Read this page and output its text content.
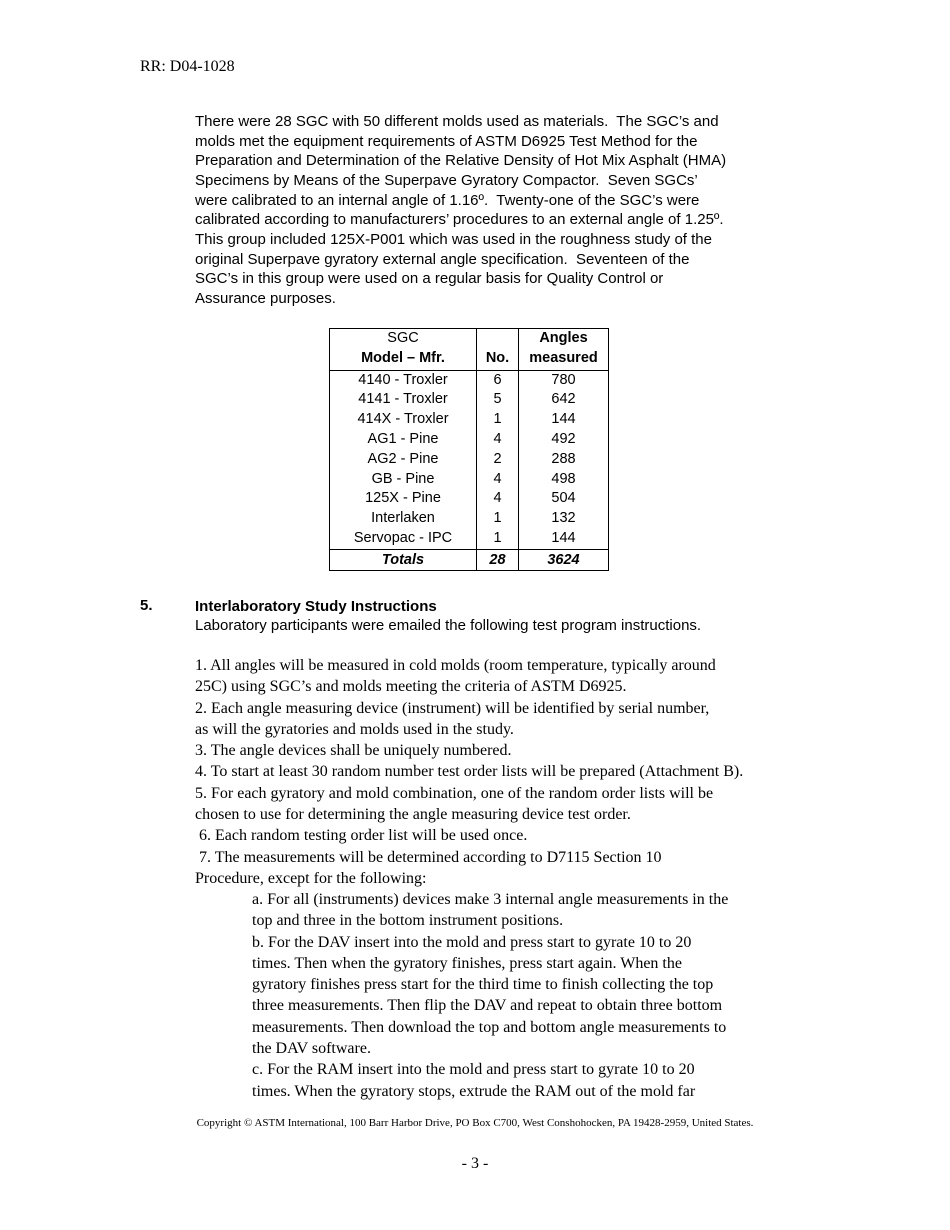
RR: D04-1028
There were 28 SGC with 50 different molds used as materials.  The SGC’s and
molds met the equipment requirements of ASTM D6925 Test Method for the
Preparation and Determination of the Relative Density of Hot Mix Asphalt (HMA)
Specimens by Means of the Superpave Gyratory Compactor.  Seven SGCs’
were calibrated to an internal angle of 1.16º.  Twenty-one of the SGC’s were
calibrated according to manufacturers’ procedures to an external angle of 1.25º.
This group included 125X-P001 which was used in the roughness study of the
original Superpave gyratory external angle specification.  Seventeen of the
SGC’s in this group were used on a regular basis for Quality Control or
Assurance purposes.
SGC		Angles
Model – Mfr.	No.	measured
4140 - Troxler	6	780
4141 - Troxler	5	642
414X - Troxler	1	144
AG1 - Pine	4	492
AG2 - Pine	2	288
GB - Pine	4	498
125X - Pine	4	504
Interlaken	1	132
Servopac - IPC	1	144
Totals	28	3624
5.	Interlaboratory Study Instructions
Laboratory participants were emailed the following test program instructions.
1. All angles will be measured in cold molds (room temperature, typically around
25C) using SGC’s and molds meeting the criteria of ASTM D6925.
2. Each angle measuring device (instrument) will be identified by serial number,
as will the gyratories and molds used in the study.
3. The angle devices shall be uniquely numbered.
4. To start at least 30 random number test order lists will be prepared (Attachment B).
5. For each gyratory and mold combination, one of the random order lists will be
chosen to use for determining the angle measuring device test order.
6. Each random testing order list will be used once.
7. The measurements will be determined according to D7115 Section 10
Procedure, except for the following:
a. For all (instruments) devices make 3 internal angle measurements in the
top and three in the bottom instrument positions.
b. For the DAV insert into the mold and press start to gyrate 10 to 20
times. Then when the gyratory finishes, press start again. When the
gyratory finishes press start for the third time to finish collecting the top
three measurements. Then flip the DAV and repeat to obtain three bottom
measurements. Then download the top and bottom angle measurements to
the DAV software.
c. For the RAM insert into the mold and press start to gyrate 10 to 20
times. When the gyratory stops, extrude the RAM out of the mold far
Copyright © ASTM International, 100 Barr Harbor Drive, PO Box C700, West Conshohocken, PA 19428-2959, United States.
- 3 -
